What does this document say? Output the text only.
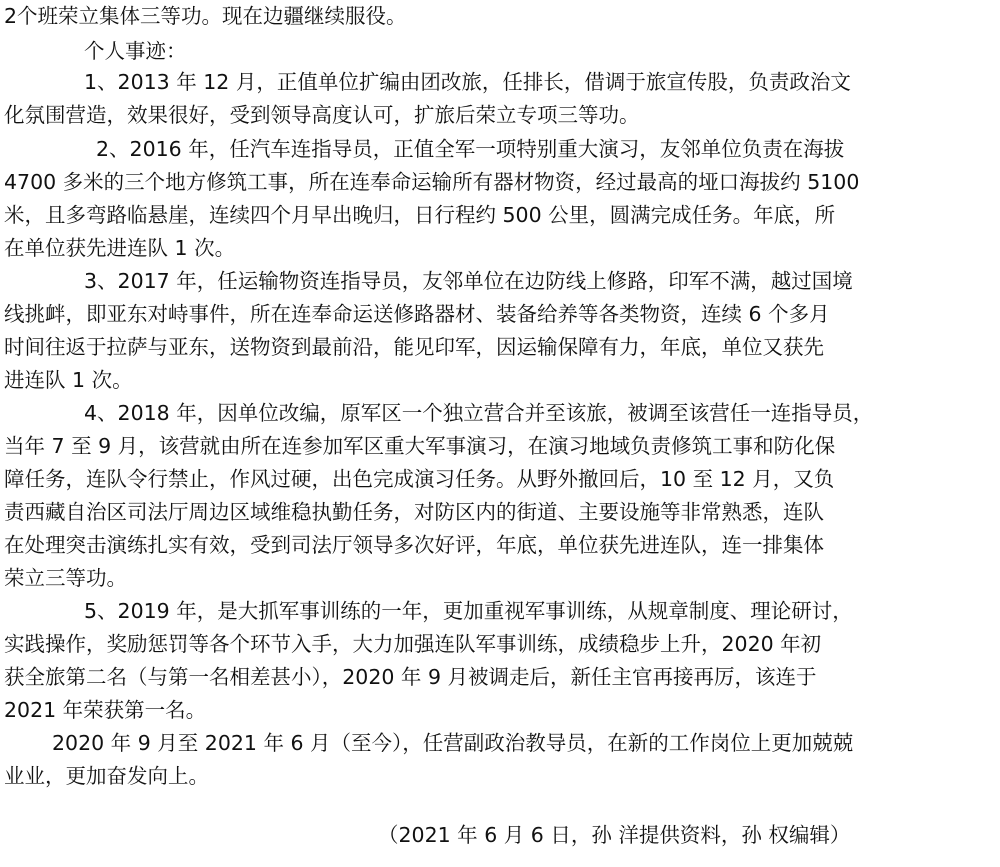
2个班荣立集体三等功。现在边疆继续服役。
个人事迹：
1、2013 年 12 月，正值单位扩编由团改旅，任排长，借调于旅宣传股，负责政治文
化氛围营造，效果很好，受到领导高度认可，扩旅后荣立专项三等功。
2、2016 年，任汽车连指导员，正值全军一项特别重大演习，友邻单位负责在海拔
4700 多米的三个地方修筑工事，所在连奉命运输所有器材物资，经过最高的垭口海拔约 5100
米，且多弯路临悬崖，连续四个月早出晚归，日行程约 500 公里，圆满完成任务。年底，所
在单位获先进连队 1 次。
3、2017 年，任运输物资连指导员，友邻单位在边防线上修路，印军不满，越过国境
线挑衅，即亚东对峙事件，所在连奉命运送修路器材、装备给养等各类物资，连续 6 个多月
时间往返于拉萨与亚东，送物资到最前沿，能见印军，因运输保障有力，年底，单位又获先
进连队 1 次。
4、2018 年，因单位改编，原军区一个独立营合并至该旅，被调至该营任一连指导员，
当年 7 至 9 月，该营就由所在连参加军区重大军事演习，在演习地域负责修筑工事和防化保
障任务，连队令行禁止，作风过硬，出色完成演习任务。从野外撤回后，10 至 12 月，又负
责西藏自治区司法厅周边区域维稳执勤任务，对防区内的街道、主要设施等非常熟悉，连队
在处理突击演练扎实有效，受到司法厅领导多次好评，年底，单位获先进连队，连一排集体
荣立三等功。
5、2019 年，是大抓军事训练的一年，更加重视军事训练，从规章制度、理论研讨，
实践操作，奖励惩罚等各个环节入手，大力加强连队军事训练，成绩稳步上升，2020 年初
获全旅第二名（与第一名相差甚小），2020 年 9 月被调走后，新任主官再接再厉，该连于
2021 年荣获第一名。
2020 年 9 月至 2021 年 6 月（至今），任营副政治教导员，在新的工作岗位上更加兢兢
业业，更加奋发向上。
（2021 年 6 月 6 日，孙 洋提供资料，孙 权编辑）
